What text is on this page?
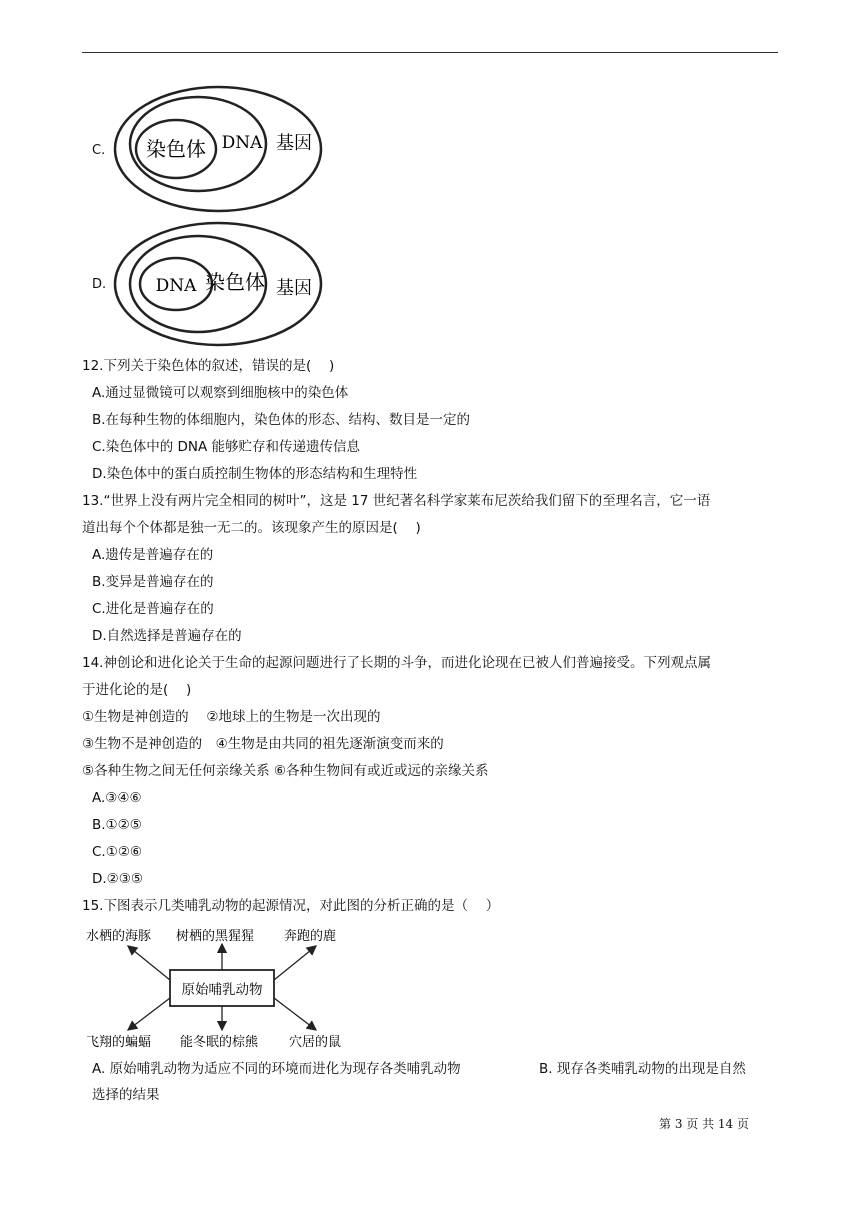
C. 染色体 DNA 基因
D.	DNA 染色体 基因
12.下列关于染色体的叙述，错误的是(　 )
A.通过显微镜可以观察到细胞核中的染色体
B.在每种生物的体细胞内，染色体的形态、结构、数目是一定的
C.染色体中的 DNA 能够贮存和传递遗传信息
D.染色体中的蛋白质控制生物体的形态结构和生理特性
13.“世界上没有两片完全相同的树叶”，这是 17 世纪著名科学家莱布尼茨给我们留下的至理名言，它一语
道出每个个体都是独一无二的。该现象产生的原因是(　 )
A.遗传是普遍存在的
B.变异是普遍存在的
C.进化是普遍存在的
D.自然选择是普遍存在的
14.神创论和进化论关于生命的起源问题进行了长期的斗争，而进化论现在已被人们普遍接受。下列观点属
于进化论的是(　 )
①生物是神创造的　 ②地球上的生物是一次出现的
③生物不是神创造的　④生物是由共同的祖先逐渐演变而来的
⑤各种生物之间无任何亲缘关系 ⑥各种生物间有或近或远的亲缘关系
A.③④⑥
B.①②⑤
C.①②⑥
D.②③⑤
15.下图表示几类哺乳动物的起源情况，对此图的分析正确的是（　 ）
原始哺乳动物
水栖的海豚 树栖的黑猩猩 奔跑的鹿
飞翔的蝙蝠 能冬眠的棕熊 穴居的鼠
A. 原始哺乳动物为适应不同的环境而进化为现存各类哺乳动物	B. 现存各类哺乳动物的出现是自然
选择的结果
第 3 页 共 14 页
